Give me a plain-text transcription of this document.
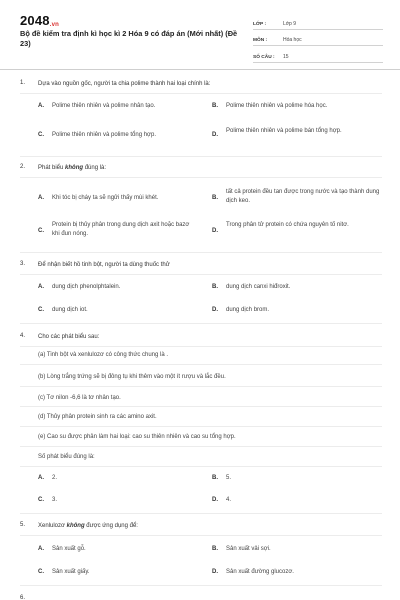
2048.vn
Bộ đề kiểm tra định kì học kì 2 Hóa 9 có đáp án (Mới nhất) (Đề 23)
LỚP :	Lớp 9
MÔN :	Hóa học
SỐ CÂU :	15
1. Dựa vào nguồn gốc, người ta chia polime thành hai loại chính là:
A. Polime thiên nhiên và polime nhân tạo.	B. Polime thiên nhiên và polime hóa học.
C. Polime thiên nhiên và polime tổng hợp.	D.
Polime thiên nhiên và polime bán tổng hợp.
2. Phát biểu không đúng là:
A. Khi tóc bị cháy ta sẽ ngửi thấy mùi khét.	B.
tất cả protein đều tan được trong nước và tạo thành dung dịch keo.
C.
Protein bị thủy phân trong dung dịch axit hoặc bazơ khi đun nóng.	D.
Trong phân tử protein có chứa nguyên tố nitơ.
3. Để nhận biết hồ tinh bột, người ta dùng thuốc thử
A. dung dịch phenolphtalein.	B. dung dịch canxi hiđroxit.
C. dung dịch iot.	D. dung dịch brom.
4. Cho các phát biểu sau:
(a) Tinh bột và xenlulozơ có công thức chung là .
(b) Lòng trắng trứng sẽ bị đông tụ khi thêm vào một ít rượu và lắc đều.
(c) Tơ nilon -6,6 là tơ nhân tạo.
(d) Thủy phân protein sinh ra các amino axit.
(e) Cao su được phân làm hai loại: cao su thiên nhiên và cao su tổng hợp.
Số phát biểu đúng là:
A. 2.	B. 5.
C. 3.	D. 4.
5. Xenlulozơ không được ứng dụng để:
A. Sản xuất gỗ.	B. Sản xuất vải sợi.
C. Sản xuất giấy.	D. Sản xuất đường glucozơ.
6.
